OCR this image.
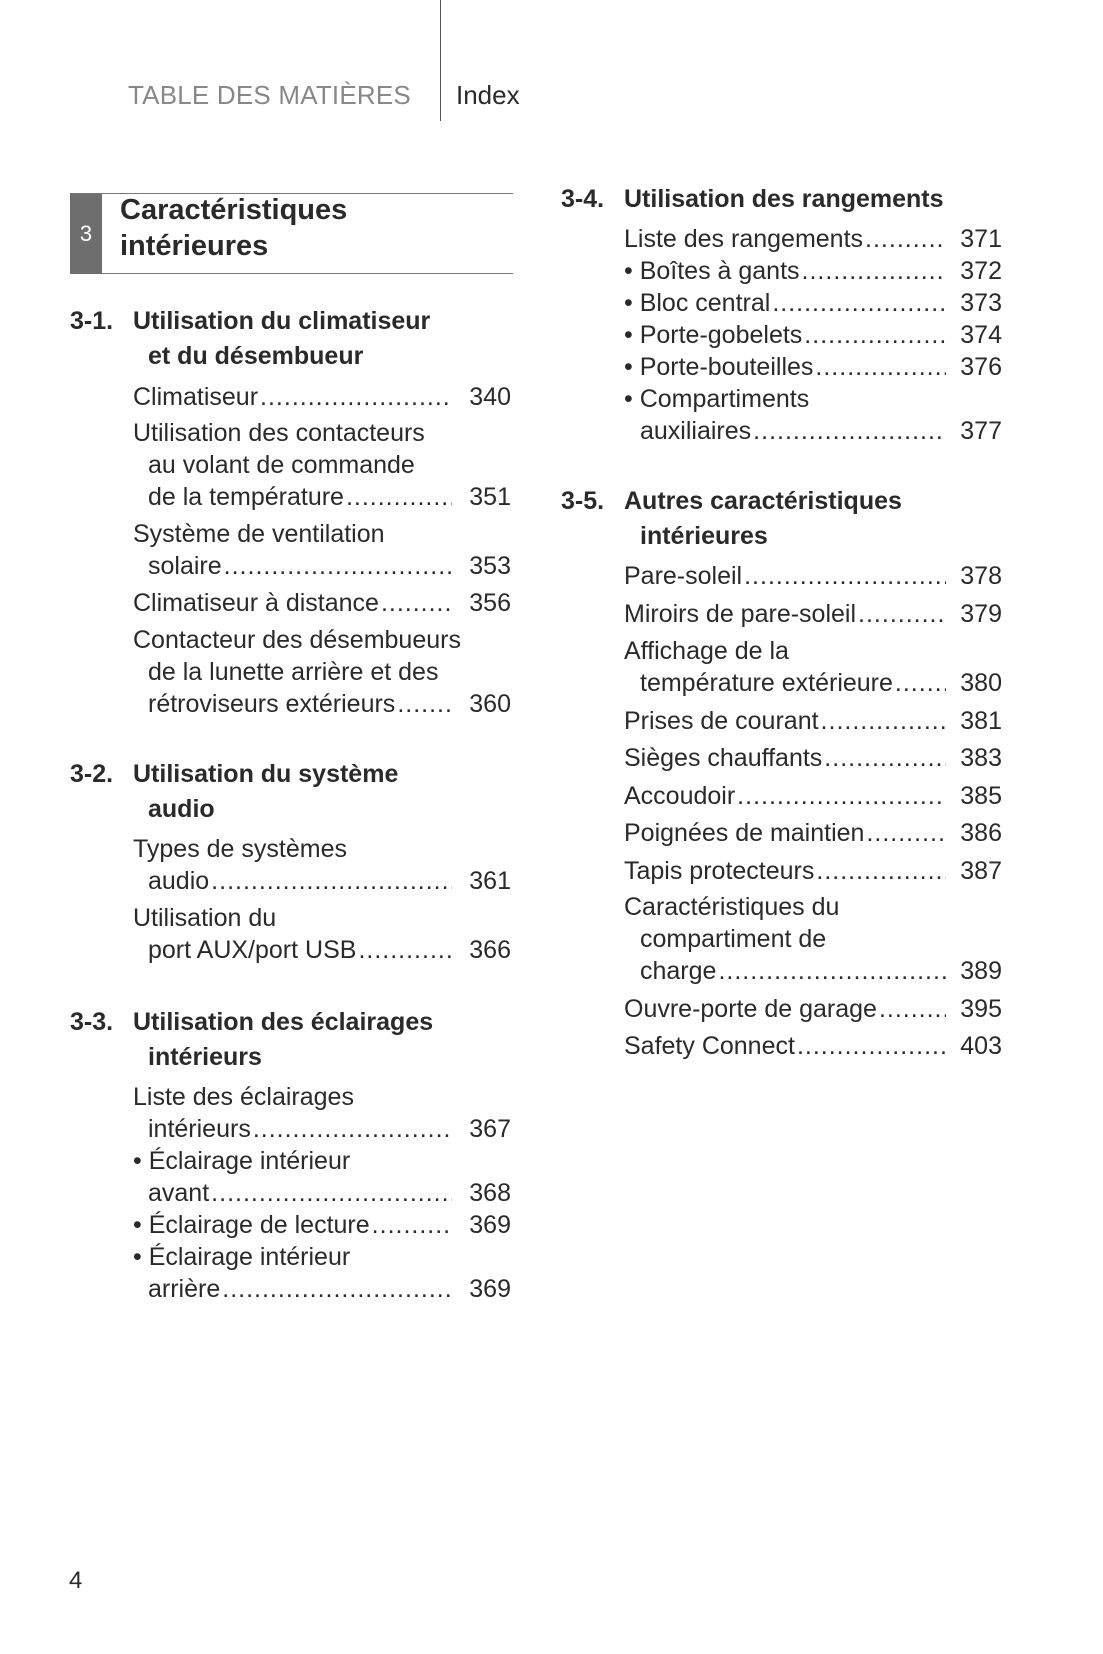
TABLE DES MATIÈRES Index
3
Caractéristiques
intérieures
3-1. Utilisation du climatiseur
et du désembueur
Climatiseur .....	340
Utilisation des contacteurs
au volant de commande
de la température .....	351
Système de ventilation
solaire .....	353
Climatiseur à distance .....	356
Contacteur des désembueurs
de la lunette arrière et des
rétroviseurs extérieurs .....	360
3-2. Utilisation du système
audio
Types de systèmes
audio .....	361
Utilisation du
port AUX/port USB .....	366
3-3. Utilisation des éclairages
intérieurs
Liste des éclairages
intérieurs .....	367
• Éclairage intérieur
avant .....	368
• Éclairage de lecture .....	369
• Éclairage intérieur
arrière .....	369
3-4. Utilisation des rangements
Liste des rangements .....	371
• Boîtes à gants .....	372
• Bloc central .....	373
• Porte-gobelets .....	374
• Porte-bouteilles .....	376
• Compartiments
auxiliaires .....	377
3-5. Autres caractéristiques
intérieures
Pare-soleil .....	378
Miroirs de pare-soleil .....	379
Affichage de la
température extérieure .....	380
Prises de courant .....	381
Sièges chauffants .....	383
Accoudoir .....	385
Poignées de maintien .....	386
Tapis protecteurs .....	387
Caractéristiques du
compartiment de
charge .....	389
Ouvre-porte de garage .....	395
Safety Connect .....	403
4
